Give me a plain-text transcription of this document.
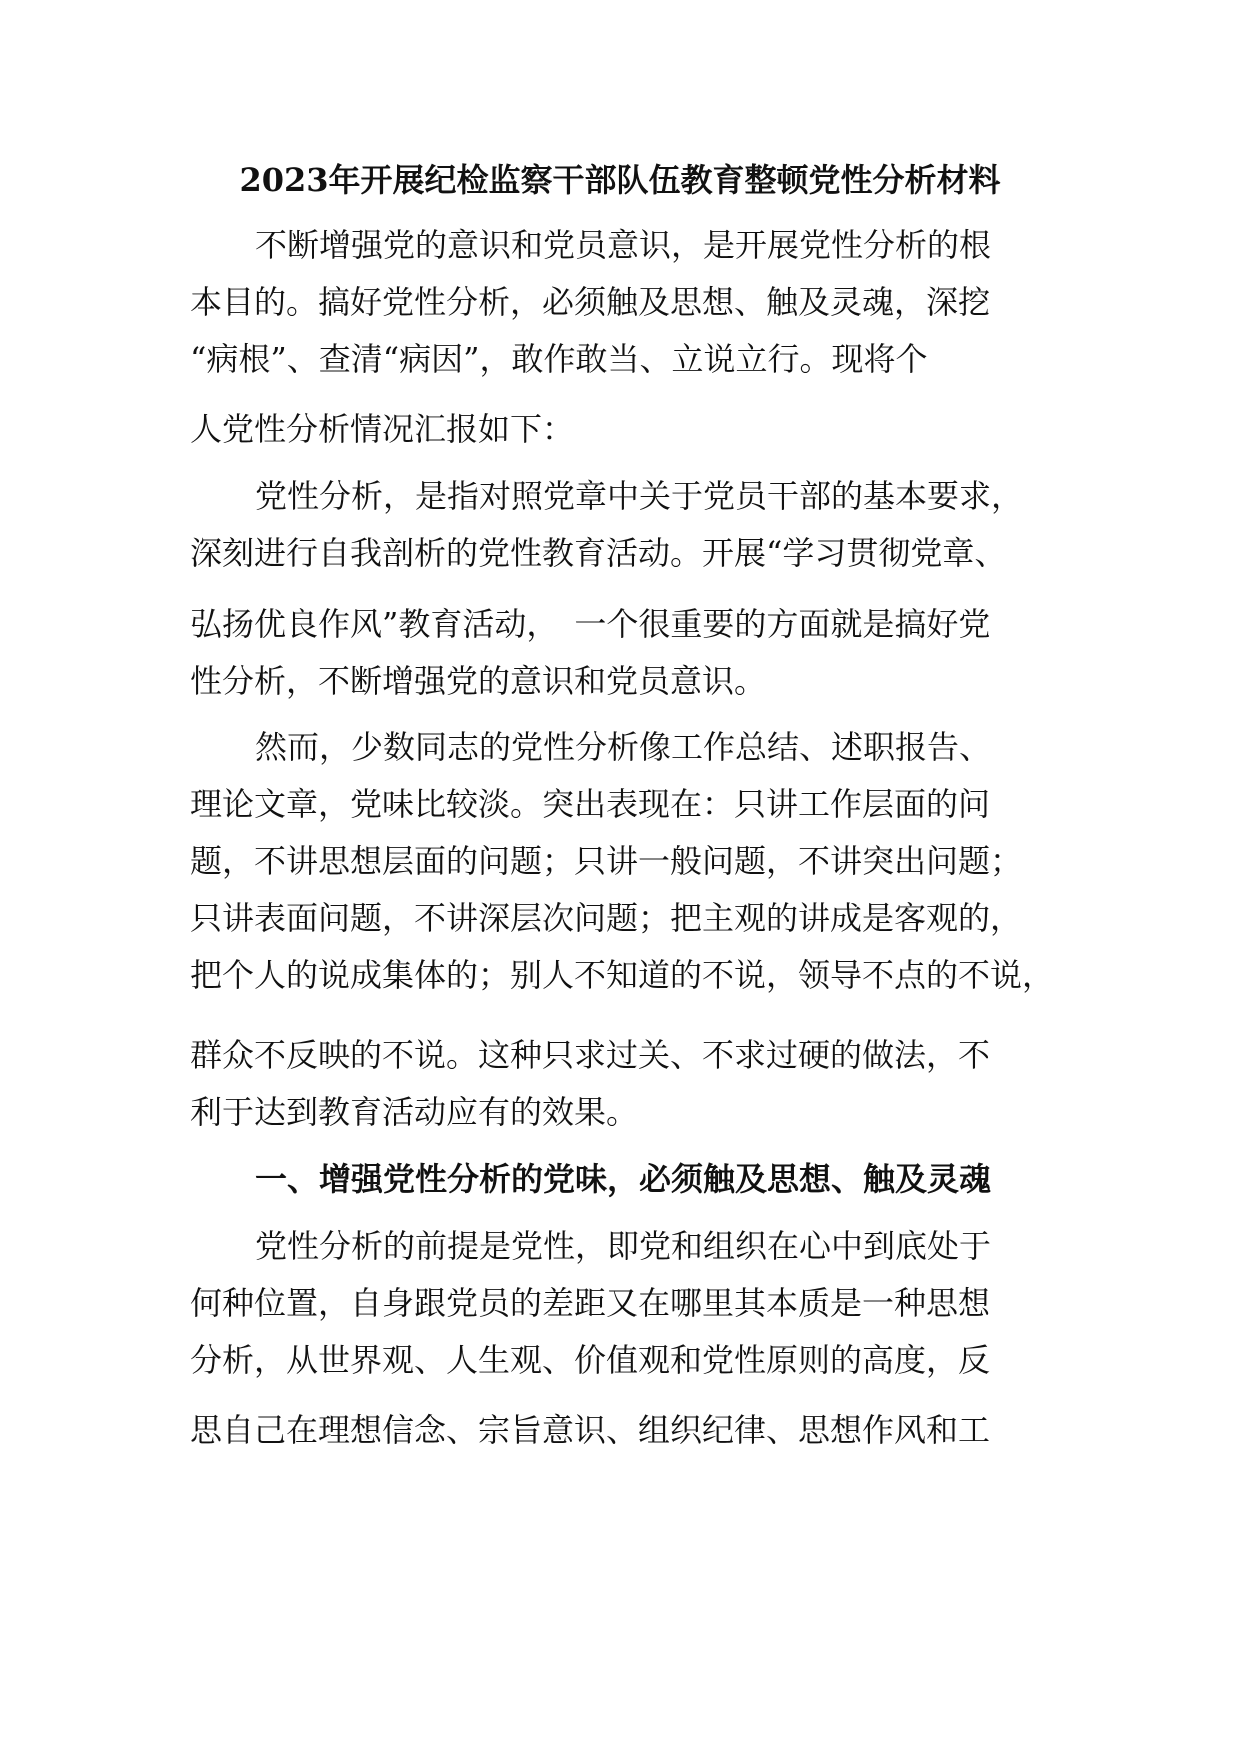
2023年开展纪检监察干部队伍教育整顿党性分析材料
不断增强党的意识和党员意识，是开展党性分析的根
本目的。搞好党性分析，必须触及思想、触及灵魂，深挖
“病根”、查清“病因”，敢作敢当、立说立行。现将个
人党性分析情况汇报如下：
党性分析，是指对照党章中关于党员干部的基本要求，
深刻进行自我剖析的党性教育活动。开展“学习贯彻党章、
弘扬优良作风”教育活动，　一个很重要的方面就是搞好党
性分析，不断增强党的意识和党员意识。
然而，少数同志的党性分析像工作总结、述职报告、
理论文章，党味比较淡。突出表现在：只讲工作层面的问
题，不讲思想层面的问题；只讲一般问题，不讲突出问题；
只讲表面问题，不讲深层次问题；把主观的讲成是客观的，
把个人的说成集体的；别人不知道的不说，领导不点的不说，
群众不反映的不说。这种只求过关、不求过硬的做法，不
利于达到教育活动应有的效果。
一、增强党性分析的党味，必须触及思想、触及灵魂
党性分析的前提是党性，即党和组织在心中到底处于
何种位置，自身跟党员的差距又在哪里其本质是一种思想
分析，从世界观、人生观、价值观和党性原则的高度，反
思自己在理想信念、宗旨意识、组织纪律、思想作风和工
